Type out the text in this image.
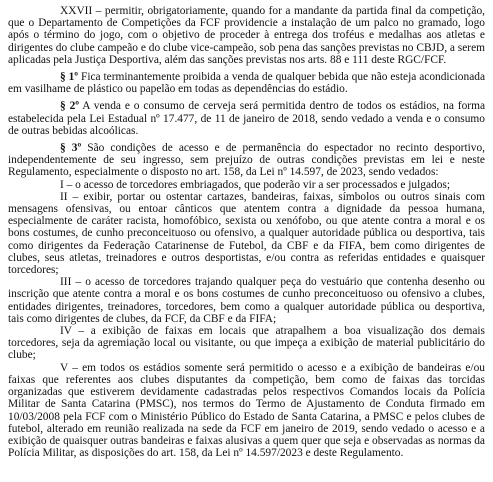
XXVII – permitir, obrigatoriamente, quando for a mandante da partida final da competição, que o Departamento de Competições da FCF providencie a instalação de um palco no gramado, logo após o término do jogo, com o objetivo de proceder à entrega dos troféus e medalhas aos atletas e dirigentes do clube campeão e do clube vice-campeão, sob pena das sanções previstas no CBJD, a serem aplicadas pela Justiça Desportiva, além das sanções previstas nos arts. 88 e 111 deste RGC/FCF.

§ 1º Fica terminantemente proibida a venda de qualquer bebida que não esteja acondicionada em vasilhame de plástico ou papelão em todas as dependências do estádio.

§ 2º A venda e o consumo de cerveja será permitida dentro de todos os estádios, na forma estabelecida pela Lei Estadual nº 17.477, de 11 de janeiro de 2018, sendo vedado a venda e o consumo de outras bebidas alcoólicas.

§ 3º São condições de acesso e de permanência do espectador no recinto desportivo, independentemente de seu ingresso, sem prejuízo de outras condições previstas em lei e neste Regulamento, especialmente o disposto no art. 158, da Lei nº 14.597, de 2023, sendo vedados:

I – o acesso de torcedores embriagados, que poderão vir a ser processados e julgados;

II – exibir, portar ou ostentar cartazes, bandeiras, faixas, símbolos ou outros sinais com mensagens ofensivas, ou entoar cânticos que atentem contra a dignidade da pessoa humana, especialmente de caráter racista, homofóbico, sexista ou xenófobo, ou que atente contra a moral e os bons costumes, de cunho preconceituoso ou ofensivo, a qualquer autoridade pública ou desportiva, tais como dirigentes da Federação Catarinense de Futebol, da CBF e da FIFA, bem como dirigentes de clubes, seus atletas, treinadores e outros desportistas, e/ou contra as referidas entidades e quaisquer torcedores;

III – o acesso de torcedores trajando qualquer peça do vestuário que contenha desenho ou inscrição que atente contra a moral e os bons costumes de cunho preconceituoso ou ofensivo a clubes, entidades dirigentes, treinadores, torcedores, bem como a qualquer autoridade pública ou desportiva, tais como dirigentes de clubes, da FCF, da CBF e da FIFA;

IV – a exibição de faixas em locais que atrapalhem a boa visualização dos demais torcedores, seja da agremiação local ou visitante, ou que impeça a exibição de material publicitário do clube;

V – em todos os estádios somente será permitido o acesso e a exibição de bandeiras e/ou faixas que referentes aos clubes disputantes da competição, bem como de faixas das torcidas organizadas que estiverem devidamente cadastradas pelos respectivos Comandos locais da Polícia Militar de Santa Catarina (PMSC), nos termos do Termo de Ajustamento de Conduta firmado em 10/03/2008 pela FCF com o Ministério Público do Estado de Santa Catarina, a PMSC e pelos clubes de futebol, alterado em reunião realizada na sede da FCF em janeiro de 2019, sendo vedado o acesso e a exibição de quaisquer outras bandeiras e faixas alusivas a quem quer que seja e observadas as normas da Polícia Militar, as disposições do art. 158, da Lei nº 14.597/2023 e deste Regulamento.
